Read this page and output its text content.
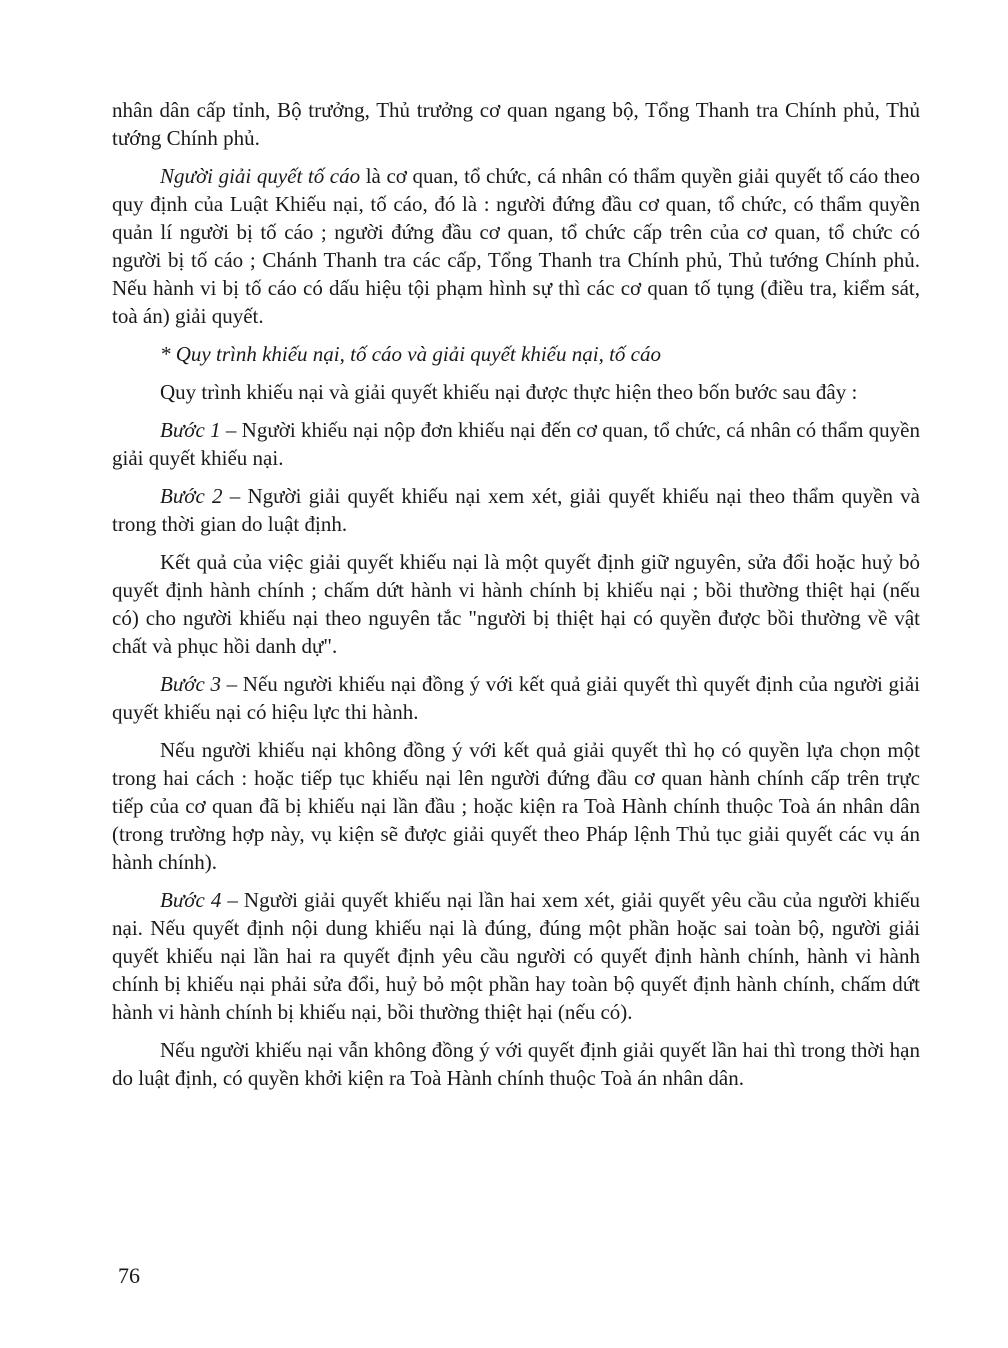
nhân dân cấp tỉnh, Bộ trưởng, Thủ trưởng cơ quan ngang bộ, Tổng Thanh tra Chính phủ, Thủ tướng Chính phủ.

Người giải quyết tố cáo là cơ quan, tổ chức, cá nhân có thẩm quyền giải quyết tố cáo theo quy định của Luật Khiếu nại, tố cáo, đó là : người đứng đầu cơ quan, tổ chức, có thẩm quyền quản lí người bị tố cáo ; người đứng đầu cơ quan, tổ chức cấp trên của cơ quan, tổ chức có người bị tố cáo ; Chánh Thanh tra các cấp, Tổng Thanh tra Chính phủ, Thủ tướng Chính phủ. Nếu hành vi bị tố cáo có dấu hiệu tội phạm hình sự thì các cơ quan tố tụng (điều tra, kiểm sát, toà án) giải quyết.

* Quy trình khiếu nại, tố cáo và giải quyết khiếu nại, tố cáo

Quy trình khiếu nại và giải quyết khiếu nại được thực hiện theo bốn bước sau đây :

Bước 1 – Người khiếu nại nộp đơn khiếu nại đến cơ quan, tổ chức, cá nhân có thẩm quyền giải quyết khiếu nại.

Bước 2 – Người giải quyết khiếu nại xem xét, giải quyết khiếu nại theo thẩm quyền và trong thời gian do luật định.

Kết quả của việc giải quyết khiếu nại là một quyết định giữ nguyên, sửa đổi hoặc huỷ bỏ quyết định hành chính ; chấm dứt hành vi hành chính bị khiếu nại ; bồi thường thiệt hại (nếu có) cho người khiếu nại theo nguyên tắc "người bị thiệt hại có quyền được bồi thường về vật chất và phục hồi danh dự".

Bước 3 – Nếu người khiếu nại đồng ý với kết quả giải quyết thì quyết định của người giải quyết khiếu nại có hiệu lực thi hành.

Nếu người khiếu nại không đồng ý với kết quả giải quyết thì họ có quyền lựa chọn một trong hai cách : hoặc tiếp tục khiếu nại lên người đứng đầu cơ quan hành chính cấp trên trực tiếp của cơ quan đã bị khiếu nại lần đầu ; hoặc kiện ra Toà Hành chính thuộc Toà án nhân dân (trong trường hợp này, vụ kiện sẽ được giải quyết theo Pháp lệnh Thủ tục giải quyết các vụ án hành chính).

Bước 4 – Người giải quyết khiếu nại lần hai xem xét, giải quyết yêu cầu của người khiếu nại. Nếu quyết định nội dung khiếu nại là đúng, đúng một phần hoặc sai toàn bộ, người giải quyết khiếu nại lần hai ra quyết định yêu cầu người có quyết định hành chính, hành vi hành chính bị khiếu nại phải sửa đổi, huỷ bỏ một phần hay toàn bộ quyết định hành chính, chấm dứt hành vi hành chính bị khiếu nại, bồi thường thiệt hại (nếu có).

Nếu người khiếu nại vẫn không đồng ý với quyết định giải quyết lần hai thì trong thời hạn do luật định, có quyền khởi kiện ra Toà Hành chính thuộc Toà án nhân dân.

76
